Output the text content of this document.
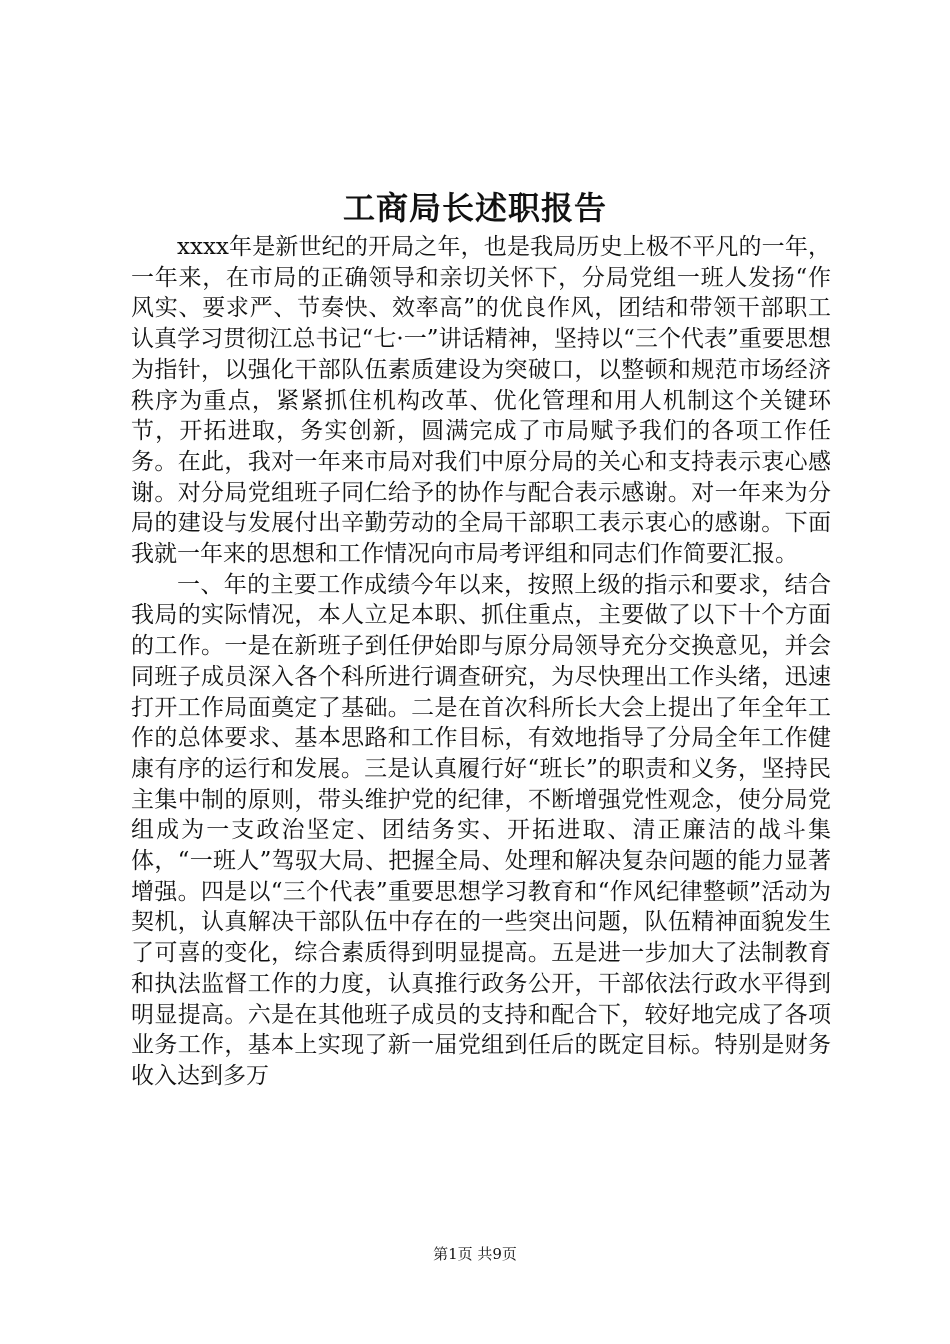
工商局长述职报告

xxxx年是新世纪的开局之年，也是我局历史上极不平凡的一年，一年来，在市局的正确领导和亲切关怀下，分局党组一班人发扬“作风实、要求严、节奏快、效率高”的优良作风，团结和带领干部职工认真学习贯彻江总书记“七·一”讲话精神，坚持以“三个代表”重要思想为指针，以强化干部队伍素质建设为突破口，以整顿和规范市场经济秩序为重点，紧紧抓住机构改革、优化管理和用人机制这个关键环节，开拓进取，务实创新，圆满完成了市局赋予我们的各项工作任务。在此，我对一年来市局对我们中原分局的关心和支持表示衷心感谢。对分局党组班子同仁给予的协作与配合表示感谢。对一年来为分局的建设与发展付出辛勤劳动的全局干部职工表示衷心的感谢。下面我就一年来的思想和工作情况向市局考评组和同志们作简要汇报。

一、年的主要工作成绩今年以来，按照上级的指示和要求，结合我局的实际情况，本人立足本职、抓住重点，主要做了以下十个方面的工作。一是在新班子到任伊始即与原分局领导充分交换意见，并会同班子成员深入各个科所进行调查研究，为尽快理出工作头绪，迅速打开工作局面奠定了基础。二是在首次科所长大会上提出了年全年工作的总体要求、基本思路和工作目标，有效地指导了分局全年工作健康有序的运行和发展。三是认真履行好“班长”的职责和义务，坚持民主集中制的原则，带头维护党的纪律，不断增强党性观念，使分局党组成为一支政治坚定、团结务实、开拓进取、清正廉洁的战斗集体，“一班人”驾驭大局、把握全局、处理和解决复杂问题的能力显著增强。四是以“三个代表”重要思想学习教育和“作风纪律整顿”活动为契机，认真解决干部队伍中存在的一些突出问题，队伍精神面貌发生了可喜的变化，综合素质得到明显提高。五是进一步加大了法制教育和执法监督工作的力度，认真推行政务公开，干部依法行政水平得到明显提高。六是在其他班子成员的支持和配合下，较好地完成了各项业务工作，基本上实现了新一届党组到任后的既定目标。特别是财务收入达到多万

第1页 共9页
